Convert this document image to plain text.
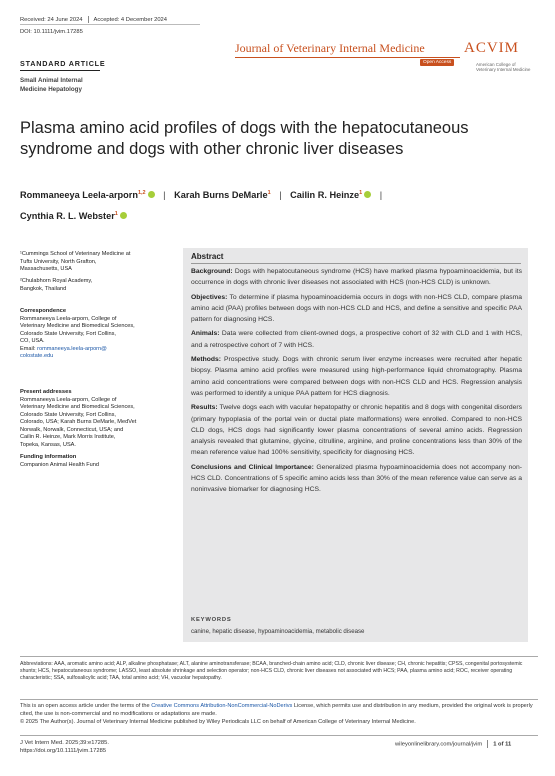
Received: 24 June 2024 Accepted: 4 December 2024
DOI: 10.1111/jvim.17285
STANDARD ARTICLE
Small Animal Internal
Medicine Hepatology
Journal of Veterinary Internal Medicine
Open Access
ACVIM
American College of
Veterinary Internal Medicine
Plasma amino acid profiles of dogs with the hepatocutaneous
syndrome and dogs with other chronic liver diseases
Rommaneeya Leela-arporn$^{1,2}$ | Karah Burns DeMarle$^1$ | Cailin R. Heinze$^1$ |
Cynthia R. L. Webster$^1$
¹Cummings School of Veterinary Medicine at
Tufts University, North Grafton,
Massachusetts, USA
²Chulabhorn Royal Academy,
Bangkok, Thailand
Correspondence
Rommaneeya Leela-arporn, College of
Veterinary Medicine and Biomedical Sciences,
Colorado State University, Fort Collins,
CO, USA.
Email: rommaneeya.leela-arporn@
colostate.edu
Present addresses
Rommaneeya Leela-arporn, College of
Veterinary Medicine and Biomedical Sciences,
Colorado State University, Fort Collins,
Colorado, USA; Karah Burns DeMarle, MedVet
Norwalk, Norwalk, Connecticut, USA; and
Cailin R. Heinze, Mark Morris Institute,
Topeka, Kansas, USA.
Funding information
Companion Animal Health Fund
Abstract

Background: Dogs with hepatocutaneous syndrome (HCS) have marked plasma hypoaminoacidemia, but its occurrence in dogs with chronic liver diseases not associated with HCS (non-HCS CLD) is unknown.

Objectives: To determine if plasma hypoaminoacidemia occurs in dogs with non-HCS CLD, compare plasma amino acid (PAA) profiles between dogs with non-HCS CLD and HCS, and define a sensitive and specific PAA pattern for diagnosing HCS.

Animals: Data were collected from client-owned dogs, a prospective cohort of 32 with CLD and 1 with HCS, and a retrospective cohort of 7 with HCS.

Methods: Prospective study. Dogs with chronic serum liver enzyme increases were recruited after hepatic biopsy. Plasma amino acid profiles were measured using high-performance liquid chromatography. Plasma amino acid concentrations were compared between dogs with non-HCS CLD and HCS. Regression analysis was performed to identify a unique PAA pattern for HCS diagnosis.

Results: Twelve dogs each with vacular hepatopathy or chronic hepatitis and 8 dogs with congenital disorders (primary hypoplasia of the portal vein or ductal plate malformations) were enrolled. Compared to non-HCS CLD dogs, HCS dogs had significantly lower plasma concentrations of several amino acids. Regression analysis revealed that glutamine, glycine, citrulline, arginine, and proline concentrations less than 30% of the mean reference value had 100% sensitivity, specificity for diagnosing HCS.

Conclusions and Clinical Importance: Generalized plasma hypoaminoacidemia does not accompany non-HCS CLD. Concentrations of 5 specific amino acids less than 30% of the mean reference value can serve as a noninvasive biomarker for diagnosing HCS.

KEYWORDS
canine, hepatic disease, hypoaminoacidemia, metabolic disease
Abbreviations: AAA, aromatic amino acid; ALP, alkaline phosphatase; ALT, alanine aminotransferase; BCAA, branched-chain amino acid; CLD, chronic liver disease; CH, chronic hepatitis; CPSS, congenital portosystemic shunts; HCS, hepatocutaneous syndrome; LASSO, least absolute shrinkage and selection operator; non-HCS CLD, chronic liver diseases not associated with HCS; PAA, plasma amino acid; ROC, receiver operating characteristic; SSA, sulfosalicylic acid; TAA, total amino acid; VH, vacuolar hepatopathy.
This is an open access article under the terms of the Creative Commons Attribution-NonCommercial-NoDerivs License, which permits use and distribution in any medium, provided the original work is properly cited, the use is non-commercial and no modifications or adaptations are made.
© 2025 The Author(s). Journal of Veterinary Internal Medicine published by Wiley Periodicals LLC on behalf of American College of Veterinary Internal Medicine.
J Vet Intern Med. 2025;39:e17285.
https://doi.org/10.1111/jvim.17285
wileyonlinelibrary.com/journal/jvim 1 of 11
